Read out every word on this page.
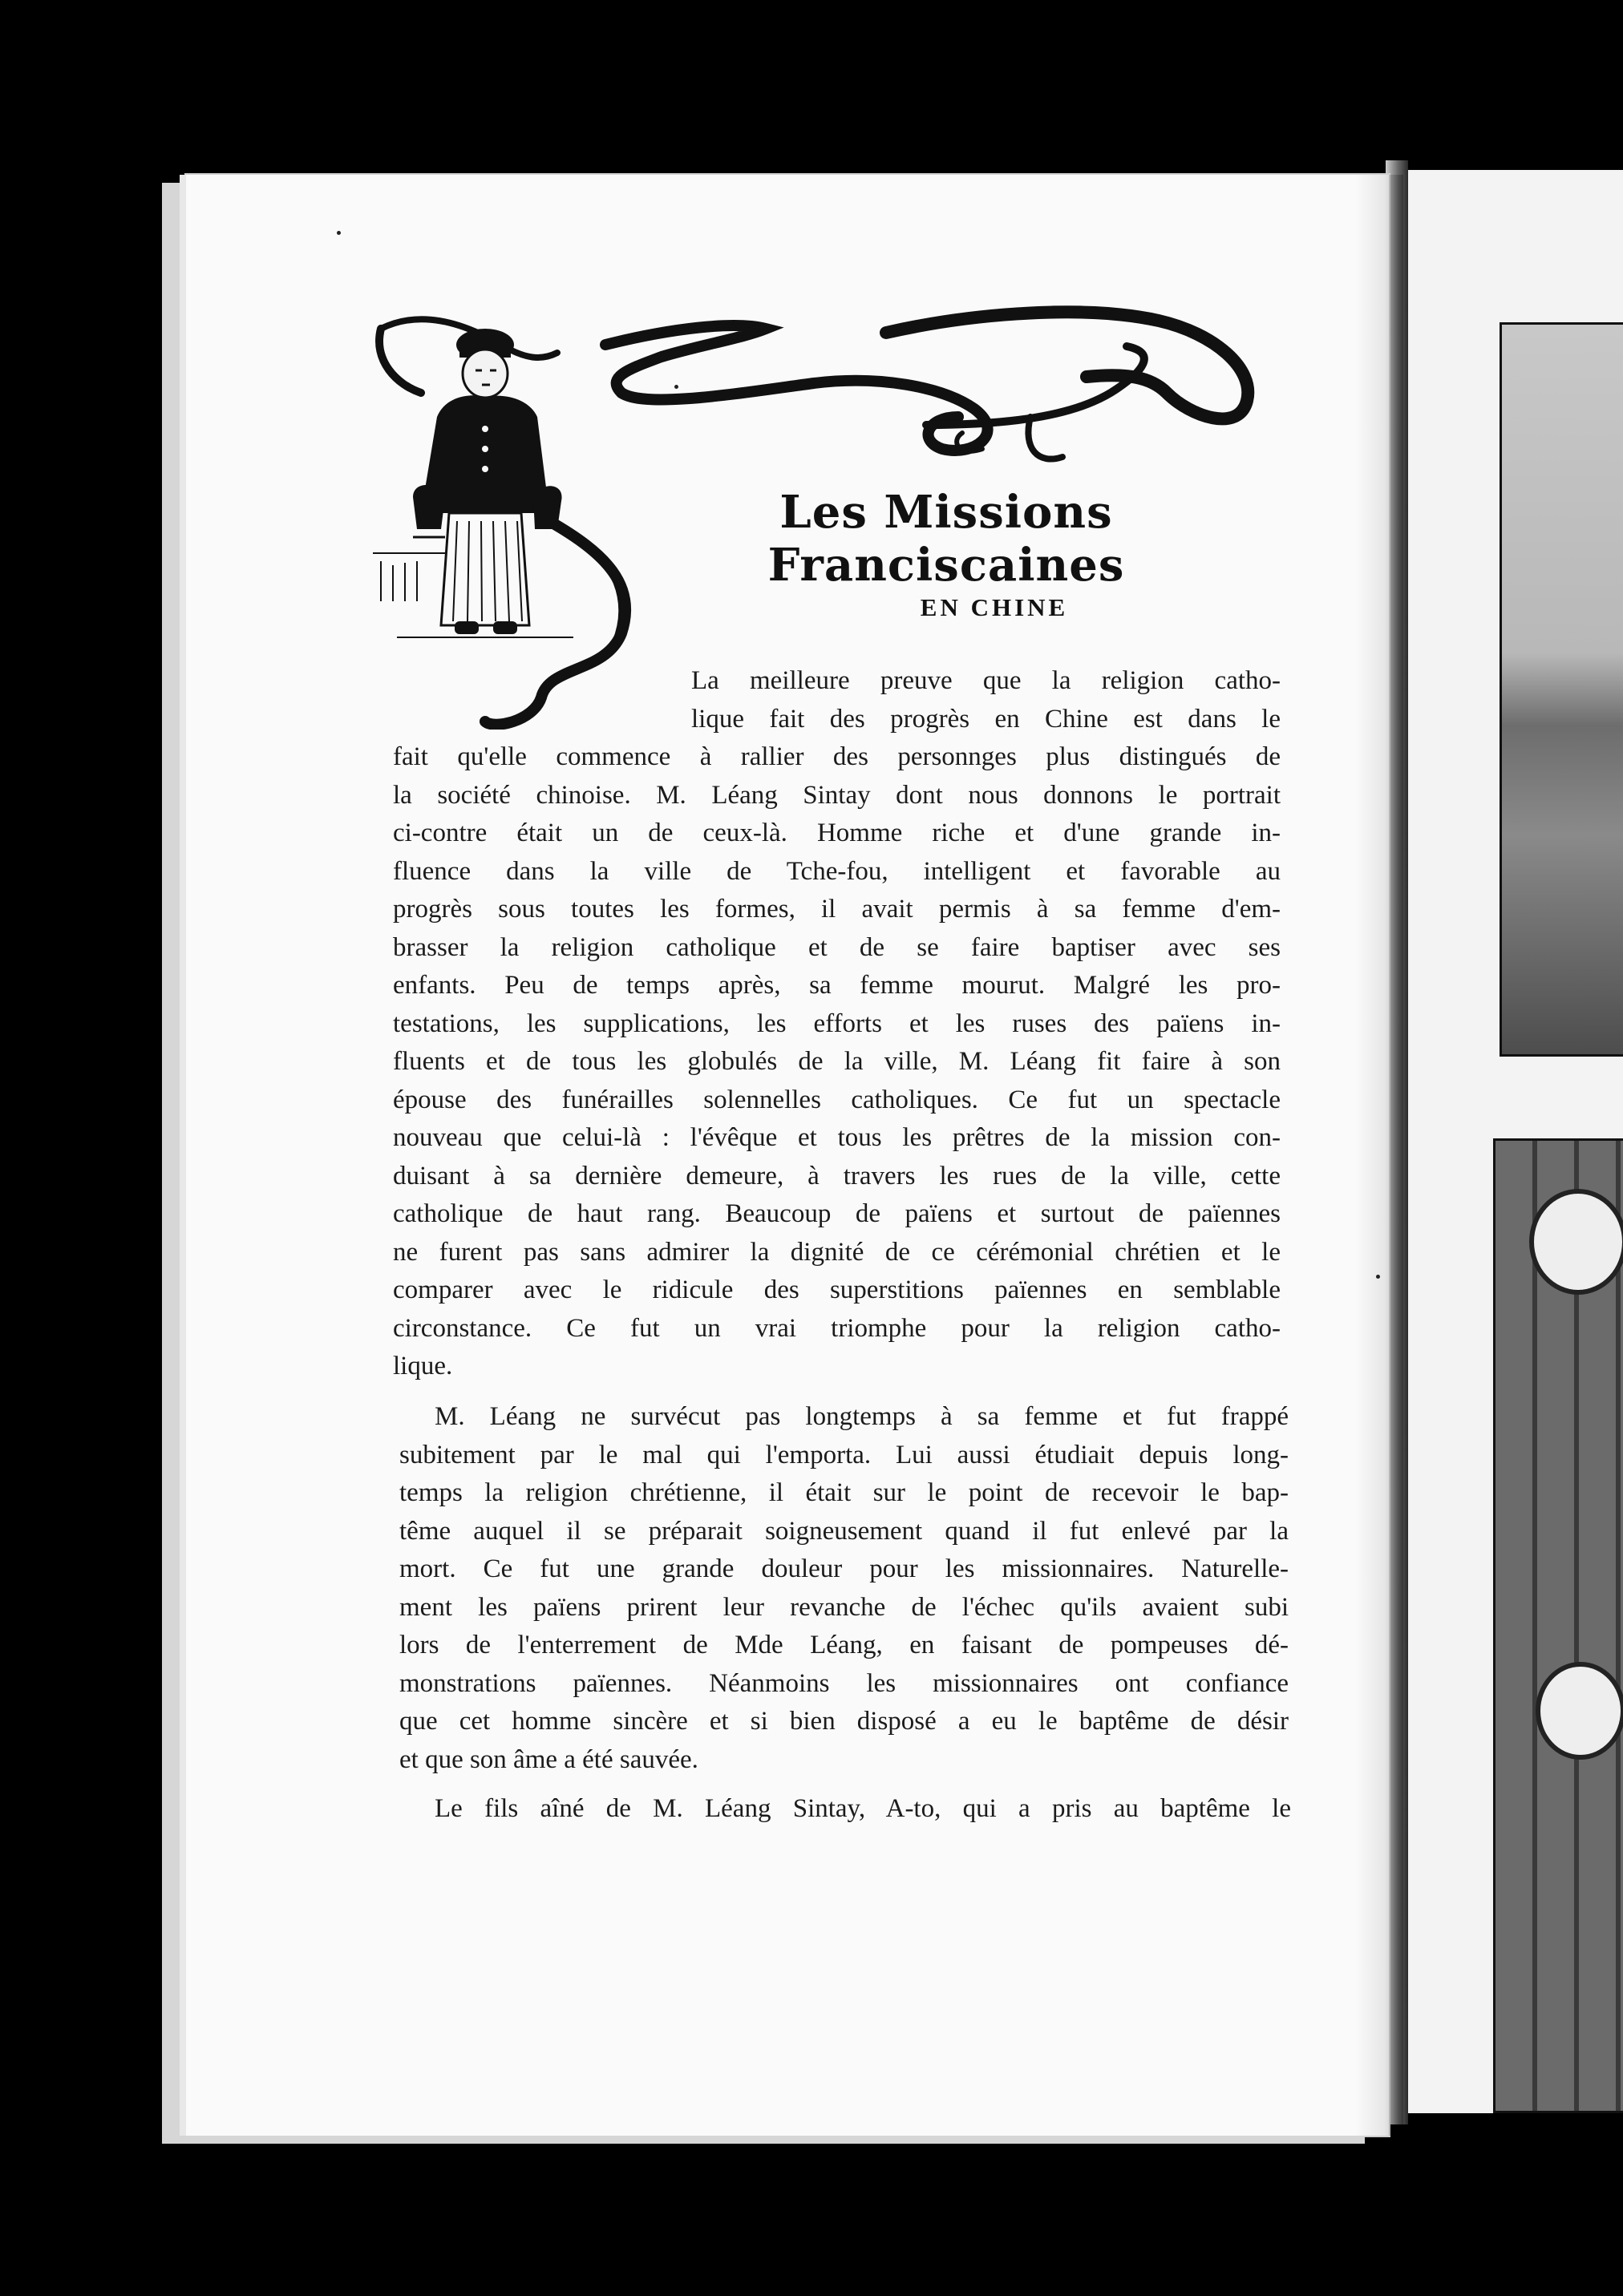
Les Missions Franciscaines
EN CHINE
La meilleure preuve que la religion catho-
lique fait des progrès en Chine est dans le
fait qu'elle commence à rallier des personnges plus distingués de
la société chinoise. M. Léang Sintay dont nous donnons le portrait
ci-contre était un de ceux-là. Homme riche et d'une grande in-
fluence dans la ville de Tche-fou, intelligent et favorable au
progrès sous toutes les formes, il avait permis à sa femme d'em-
brasser la religion catholique et de se faire baptiser avec ses
enfants. Peu de temps après, sa femme mourut. Malgré les pro-
testations, les supplications, les efforts et les ruses des païens in-
fluents et de tous les globulés de la ville, M. Léang fit faire à son
épouse des funérailles solennelles catholiques. Ce fut un spectacle
nouveau que celui-là : l'évêque et tous les prêtres de la mission con-
duisant à sa dernière demeure, à travers les rues de la ville, cette
catholique de haut rang. Beaucoup de païens et surtout de païennes
ne furent pas sans admirer la dignité de ce cérémonial chrétien et le
comparer avec le ridicule des superstitions païennes en semblable
circonstance. Ce fut un vrai triomphe pour la religion catho-
lique.
M. Léang ne survécut pas longtemps à sa femme et fut frappé
subitement par le mal qui l'emporta. Lui aussi étudiait depuis long-
temps la religion chrétienne, il était sur le point de recevoir le bap-
tême auquel il se préparait soigneusement quand il fut enlevé par la
mort. Ce fut une grande douleur pour les missionnaires. Naturelle-
ment les païens prirent leur revanche de l'échec qu'ils avaient subi
lors de l'enterrement de Mde Léang, en faisant de pompeuses dé-
monstrations païennes. Néanmoins les missionnaires ont confiance
que cet homme sincère et si bien disposé a eu le baptême de désir
et que son âme a été sauvée.
Le fils aîné de M. Léang Sintay, A-to, qui a pris au baptême le
